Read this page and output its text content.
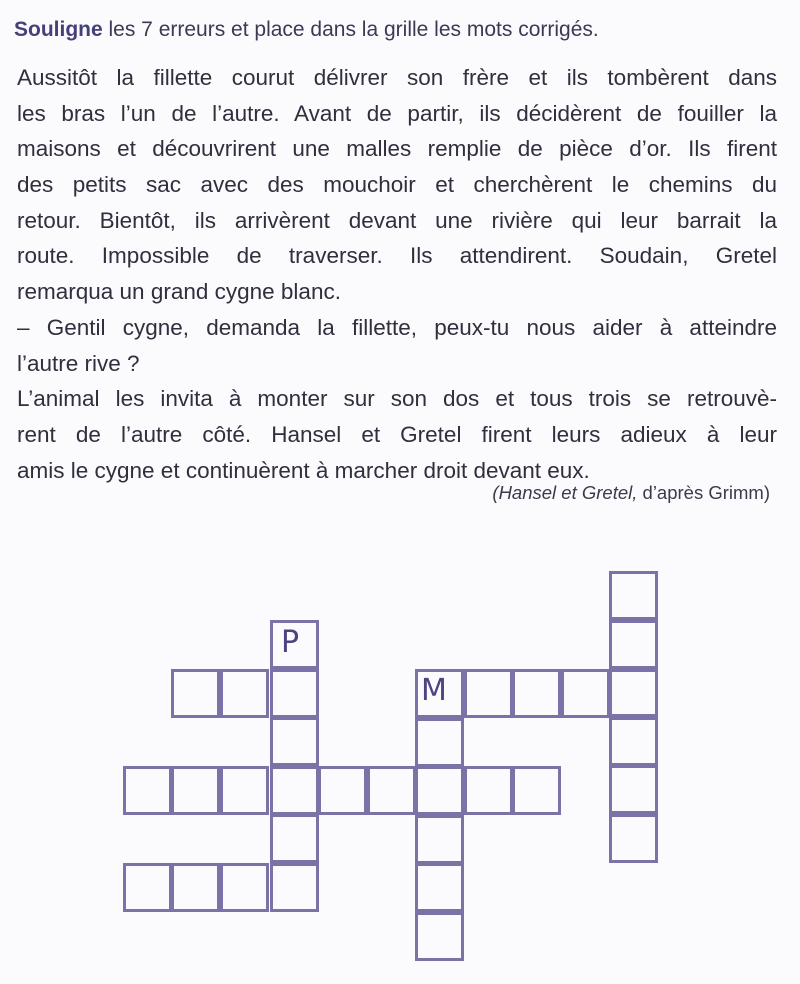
Souligne les 7 erreurs et place dans la grille les mots corrigés.
Aussitôt la fillette courut délivrer son frère et ils tombèrent dans
les bras l’un de l’autre. Avant de partir, ils décidèrent de fouiller la
maisons et découvrirent une malles remplie de pièce d’or. Ils firent
des petits sac avec des mouchoir et cherchèrent le chemins du
retour. Bientôt, ils arrivèrent devant une rivière qui leur barrait la
route. Impossible de traverser. Ils attendirent. Soudain, Gretel
remarqua un grand cygne blanc.
– Gentil cygne, demanda la fillette, peux-tu nous aider à atteindre
l’autre rive ?
L’animal les invita à monter sur son dos et tous trois se retrouvè-
rent de l’autre côté. Hansel et Gretel firent leurs adieux à leur
amis le cygne et continuèrent à marcher droit devant eux.
(Hansel et Gretel, d’après Grimm)
P
M
